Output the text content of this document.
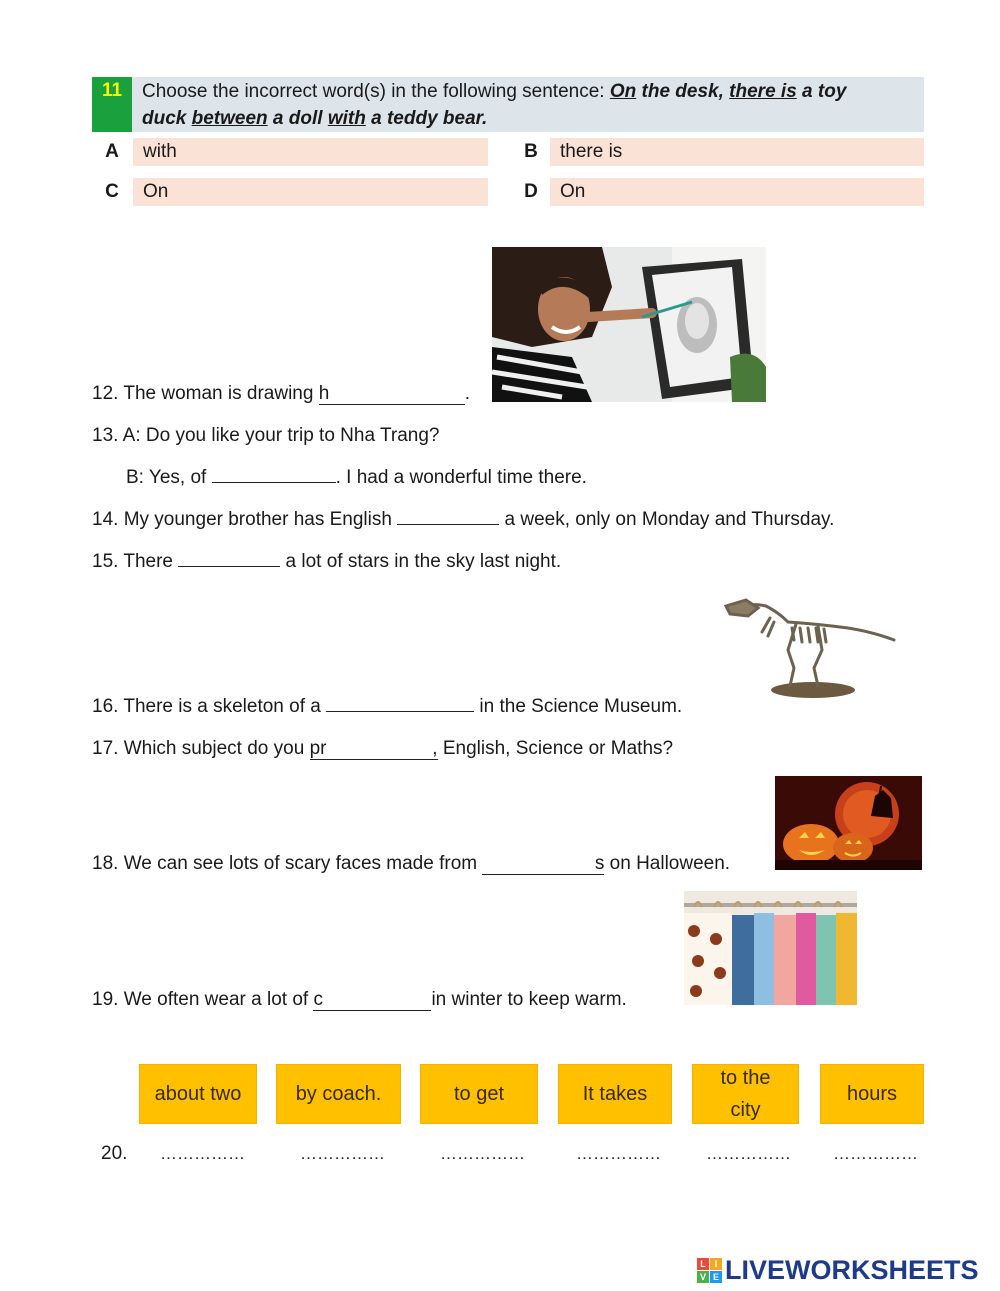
11	Choose the incorrect word(s) in the following sentence: On the desk, there is a toy
duck between a doll with a teddy bear.
A	with	B	there is
C	On	D	On
12. The woman is drawing h	.
13. A: Do you like your trip to Nha Trang?
B: Yes, of	. I had a wonderful time there.
14. My younger brother has English	a week, only on Monday and Thursday.
15. There	a lot of stars in the sky last night.
16. There is a skeleton of a	in the Science Museum.
17. Which subject do you pr	, English, Science or Maths?
18. We can see lots of scary faces made from	s on Halloween.
19. We often wear a lot of c	in winter to keep warm.
about two	by coach.	to get	It takes
to the city
hours
20. ……………	……………	……………	……………	…………… ……………
L I
V E LIVEWORKSHEETS
